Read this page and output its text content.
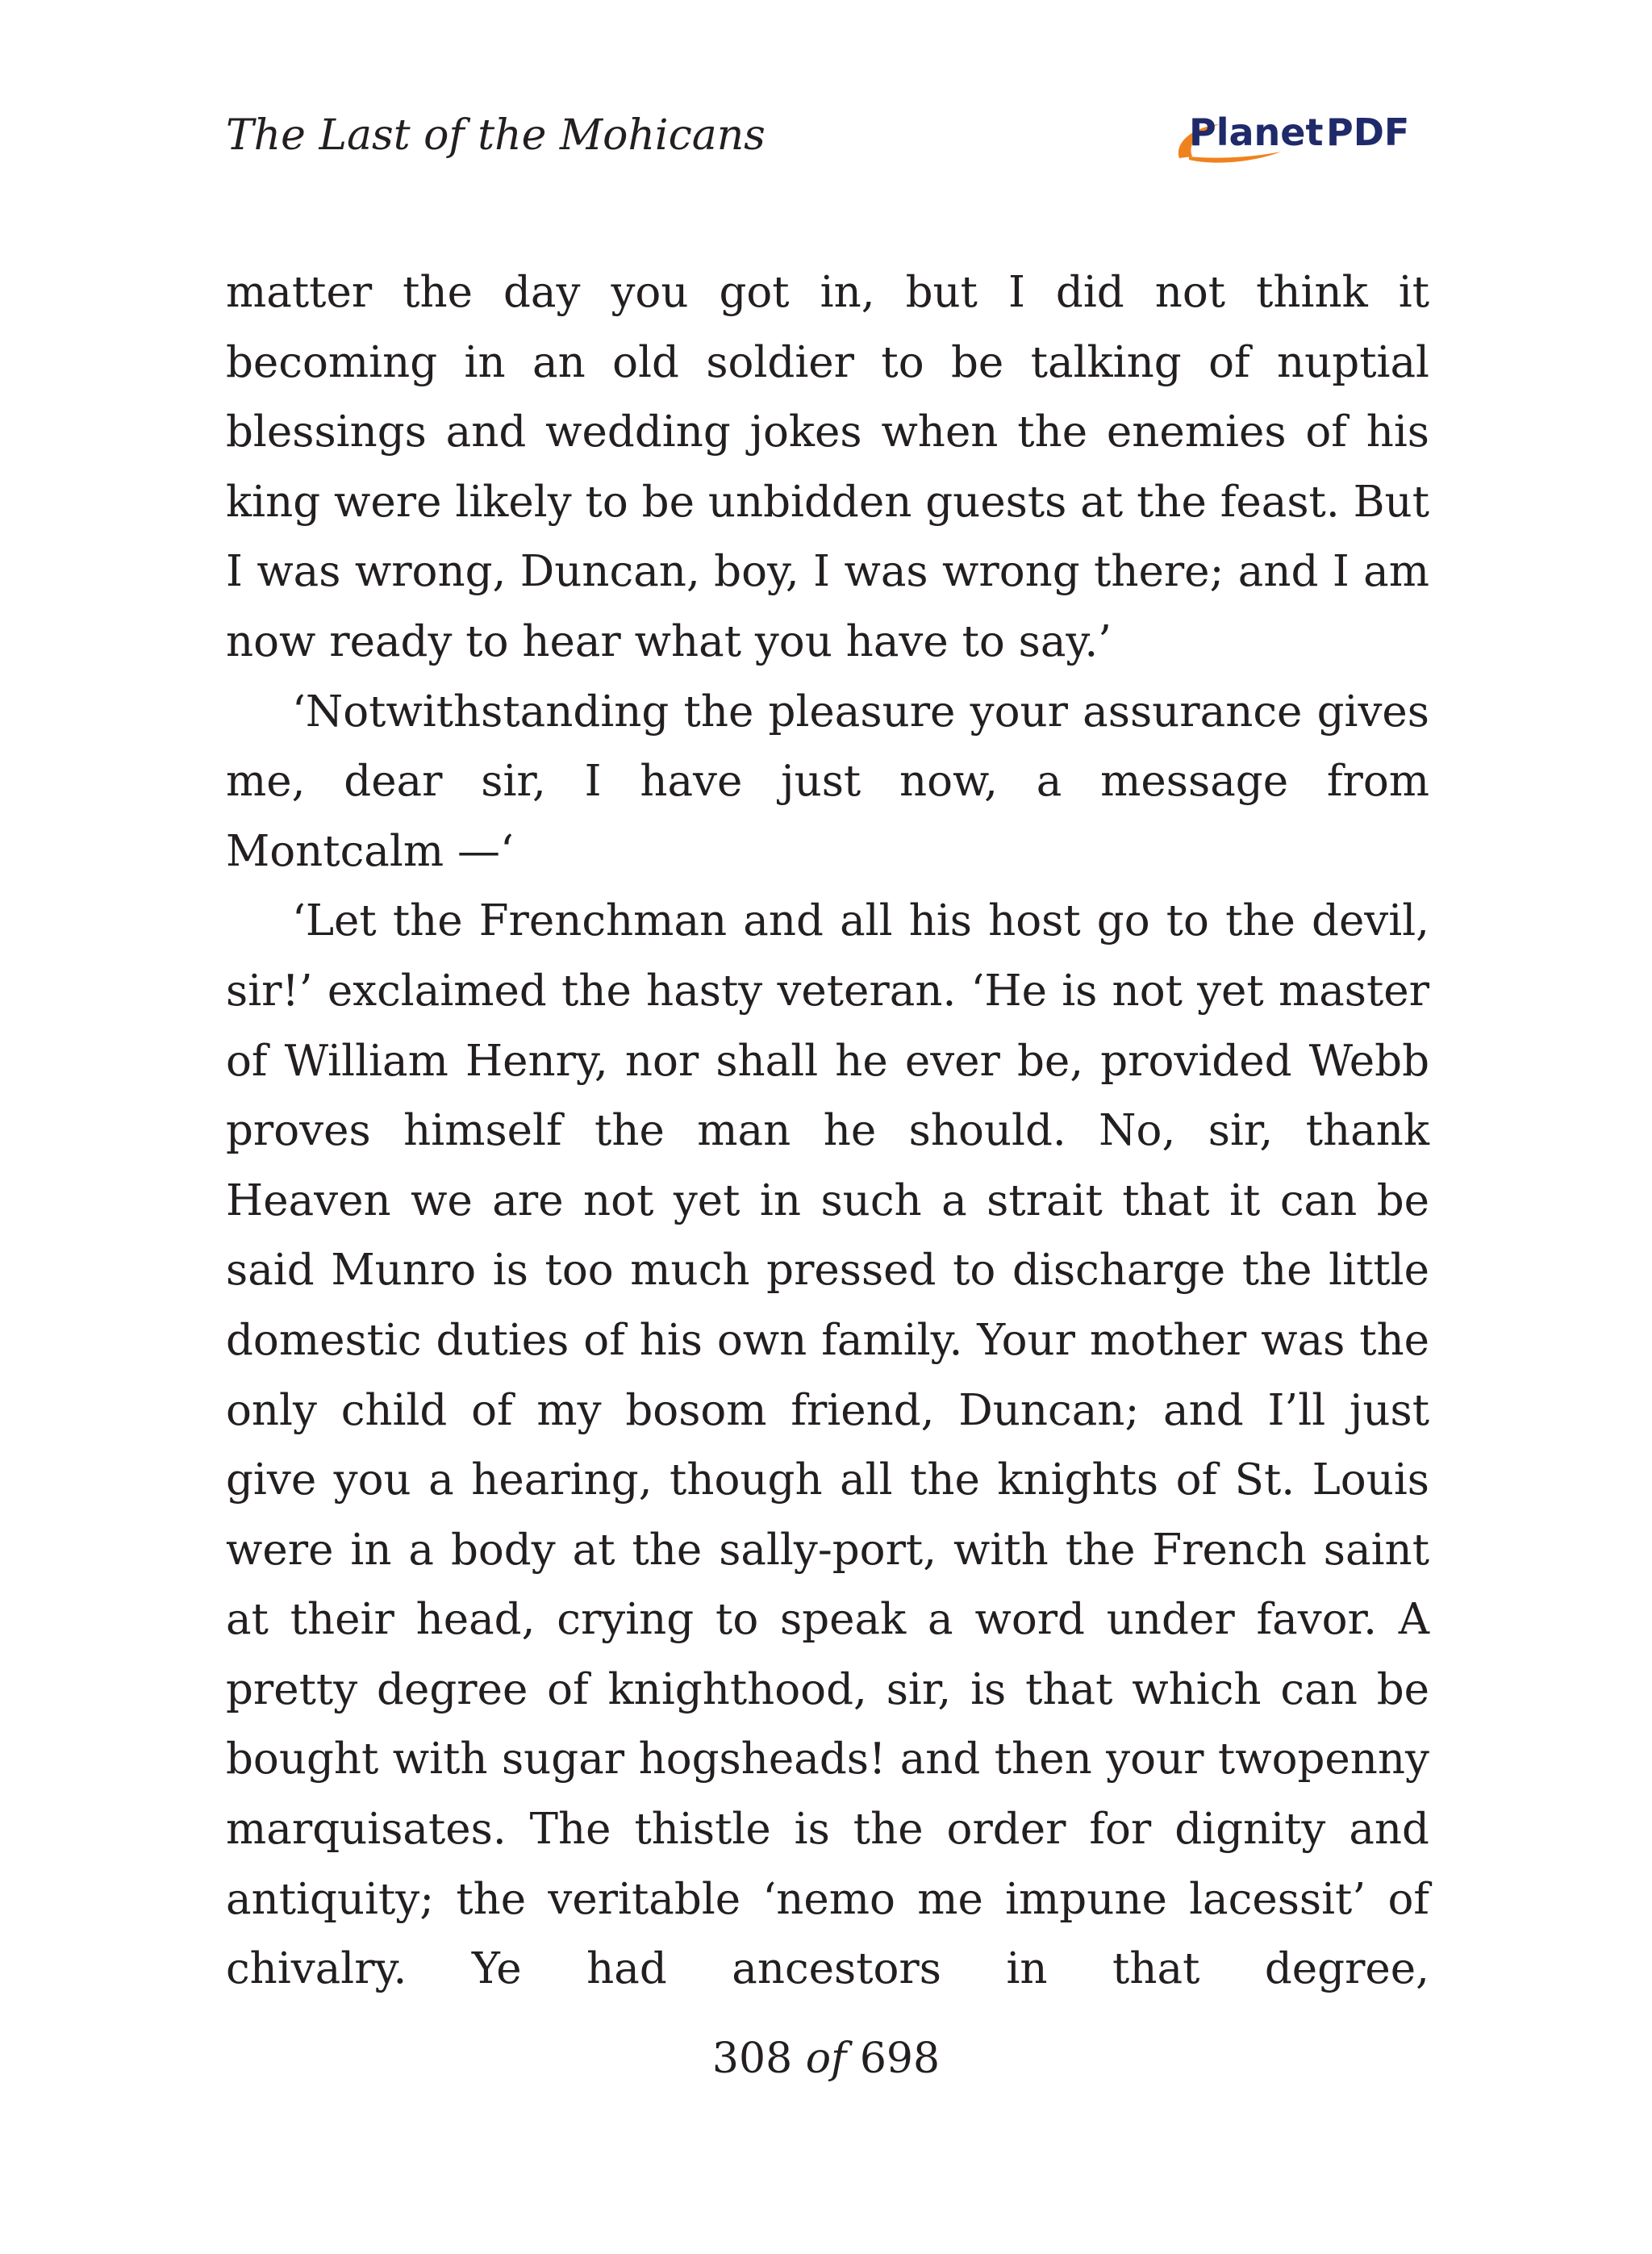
The Last of the Mohicans	Planet PDF

matter the day you got in, but I did not think it becoming in an old soldier to be talking of nuptial blessings and wedding jokes when the enemies of his king were likely to be unbidden guests at the feast. But I was wrong, Duncan, boy, I was wrong there; and I am now ready to hear what you have to say.’

‘Notwithstanding the pleasure your assurance gives me, dear sir, I have just now, a message from Montcalm —‘

‘Let the Frenchman and all his host go to the devil, sir!’ exclaimed the hasty veteran. ‘He is not yet master of William Henry, nor shall he ever be, provided Webb proves himself the man he should. No, sir, thank Heaven we are not yet in such a strait that it can be said Munro is too much pressed to discharge the little domestic duties of his own family. Your mother was the only child of my bosom friend, Duncan; and I’ll just give you a hearing, though all the knights of St. Louis were in a body at the sally-port, with the French saint at their head, crying to speak a word under favor. A pretty degree of knighthood, sir, is that which can be bought with sugar hogsheads! and then your twopenny marquisates. The thistle is the order for dignity and antiquity; the veritable ‘nemo me impune lacessit’ of chivalry. Ye had ancestors in that degree,

308 of 698
